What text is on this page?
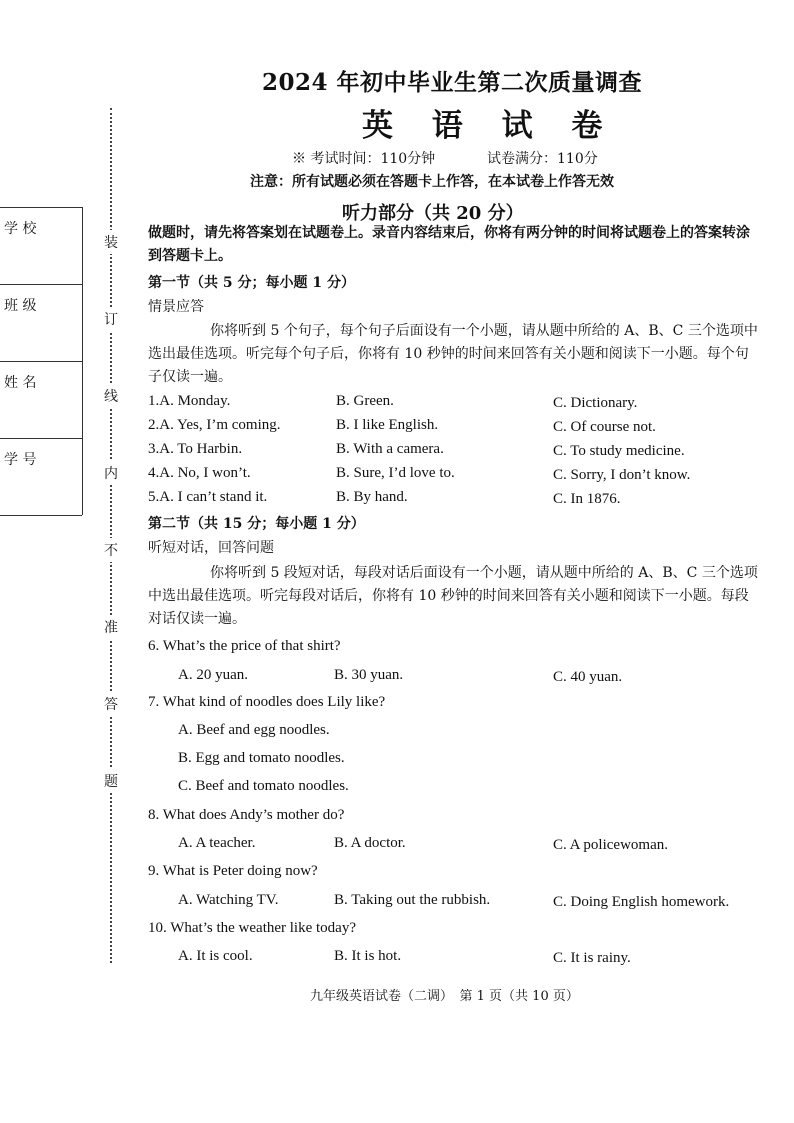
装
订
线
内
不
准
答
题
学 校
班 级
姓 名
学 号
2024 年初中毕业生第二次质量调查
英 语 试 卷
※ 考试时间：110分钟	试卷满分：110分
注意：所有试题必须在答题卡上作答，在本试卷上作答无效
听力部分（共 20 分）
做题时，请先将答案划在试题卷上。录音内容结束后，你将有两分钟的时间将试题卷上的答案转涂到答题卡上。
第一节（共 5 分；每小题 1 分）
情景应答
你将听到 5 个句子，每个句子后面设有一个小题，请从题中所给的 A、B、C 三个选项中选出最佳选项。听完每个句子后，你将有 10 秒钟的时间来回答有关小题和阅读下一小题。每个句子仅读一遍。
1.A. Monday.	B. Green.	C. Dictionary.
2.A. Yes, I’m coming.	B. I like English.	C. Of course not.
3.A. To Harbin.	B. With a camera.	C. To study medicine.
4.A. No, I won’t.	B. Sure, I’d love to.	C. Sorry, I don’t know.
5.A. I can’t stand it.	B. By hand.	C. In 1876.
第二节（共 15 分；每小题 1 分）
听短对话，回答问题
你将听到 5 段短对话，每段对话后面设有一个小题，请从题中所给的 A、B、C 三个选项中选出最佳选项。听完每段对话后，你将有 10 秒钟的时间来回答有关小题和阅读下一小题。每段对话仅读一遍。
6. What’s the price of that shirt?
A. 20 yuan.	B. 30 yuan.	C. 40 yuan.
7. What kind of noodles does Lily like?
A. Beef and egg noodles.
B. Egg and tomato noodles.
C. Beef and tomato noodles.
8. What does Andy’s mother do?
A. A teacher.	B. A doctor.	C. A policewoman.
9. What is Peter doing now?
A. Watching TV.	B. Taking out the rubbish.	C. Doing English homework.
10. What’s the weather like today?
A. It is cool.	B. It is hot.	C. It is rainy.
九年级英语试卷（二调）　第 1 页（共 10 页）
